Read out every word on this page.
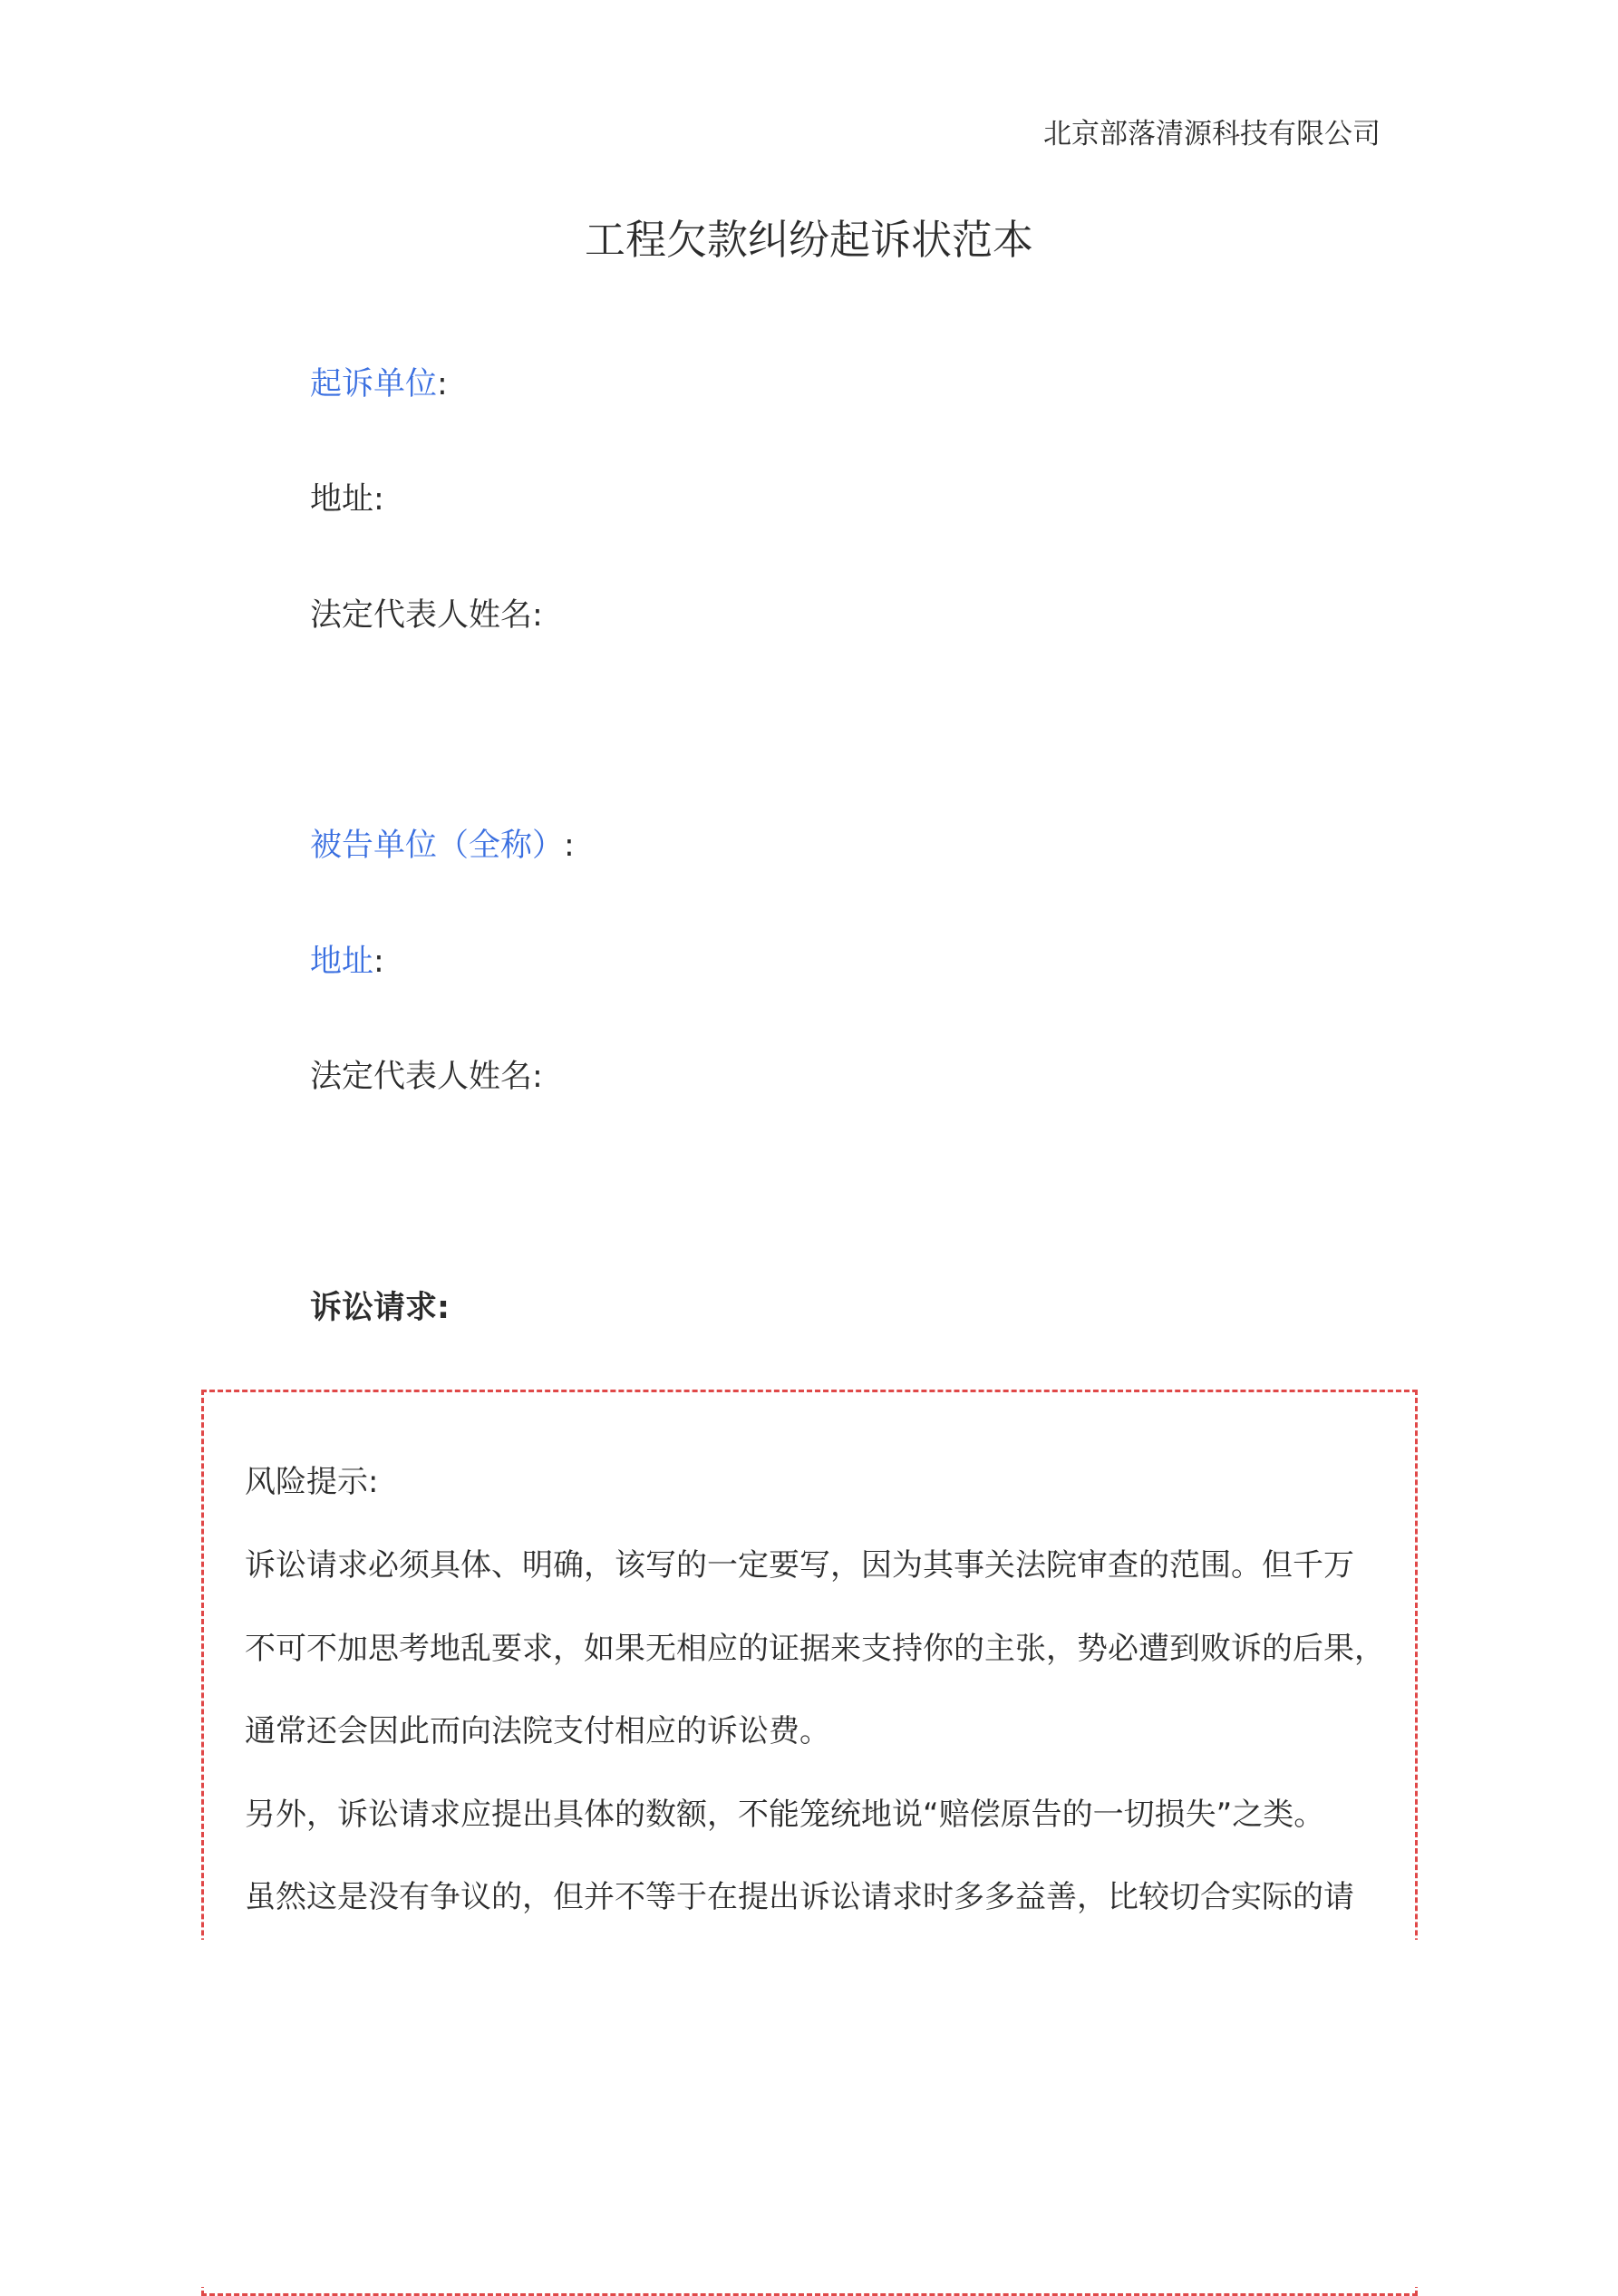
北京部落清源科技有限公司
工程欠款纠纷起诉状范本
起诉单位:
地址:
法定代表人姓名:
被告单位（全称）:
地址:
法定代表人姓名:
诉讼请求:
风险提示:
诉讼请求必须具体、明确，该写的一定要写，因为其事关法院审查的范围。但千万
不可不加思考地乱要求，如果无相应的证据来支持你的主张，势必遭到败诉的后果，
通常还会因此而向法院支付相应的诉讼费。
另外，诉讼请求应提出具体的数额，不能笼统地说“赔偿原告的一切损失”之类。
虽然这是没有争议的，但并不等于在提出诉讼请求时多多益善，比较切合实际的请
